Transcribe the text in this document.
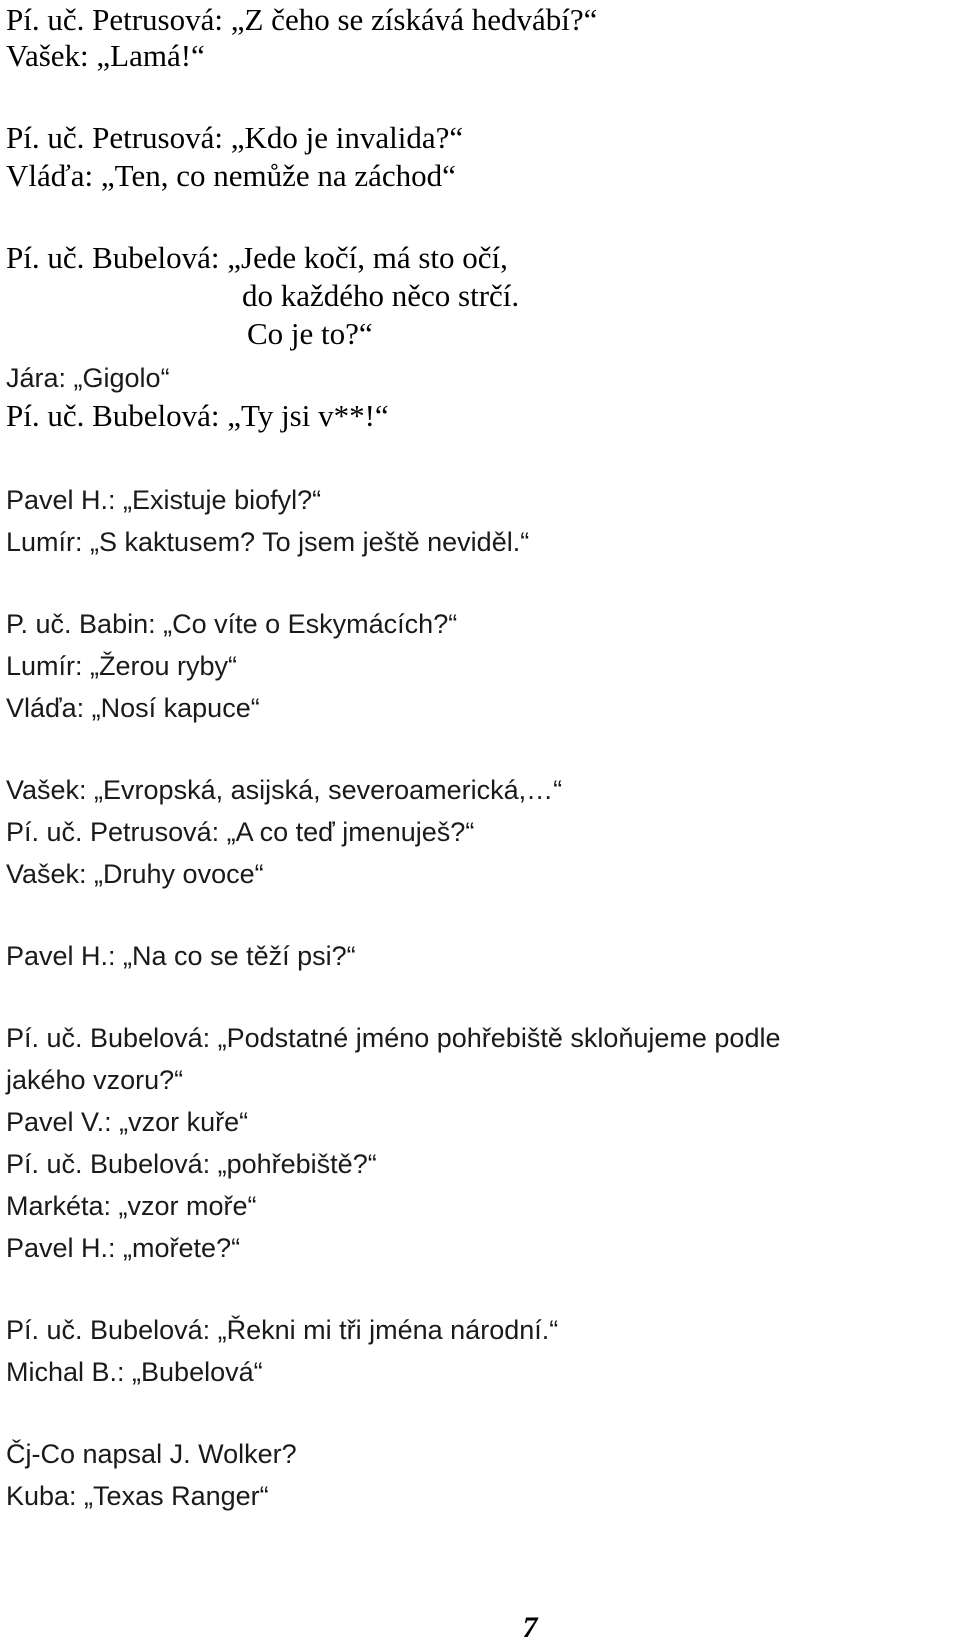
Pí. uč. Petrusová: „Z čeho se získává hedvábí?“

Vašek: „Lamá!“

Pí. uč. Petrusová: „Kdo je invalida?“

Vláďa: „Ten, co nemůže na záchod“

Pí. uč. Bubelová: „Jede kočí, má sto očí,

do každého něco strčí.

Co je to?“

Jára: „Gigolo“

Pí. uč. Bubelová: „Ty jsi v**!“

Pavel H.: „Existuje biofyl?“

Lumír: „S kaktusem? To jsem ještě neviděl.“

P. uč. Babin: „Co víte o Eskymácích?“

Lumír: „Žerou ryby“

Vláďa: „Nosí kapuce“

Vašek: „Evropská, asijská, severoamerická,…“

Pí. uč. Petrusová: „A co teď jmenuješ?“

Vašek: „Druhy ovoce“

Pavel H.: „Na co se těží psi?“

Pí. uč. Bubelová: „Podstatné jméno pohřebiště skloňujeme podle

jakého vzoru?“

Pavel V.: „vzor kuře“

Pí. uč. Bubelová: „pohřebiště?“

Markéta: „vzor moře“

Pavel H.: „mořete?“

Pí. uč. Bubelová: „Řekni mi tři jména národní.“

Michal B.: „Bubelová“

Čj-Co napsal J. Wolker?

Kuba: „Texas Ranger“

7
